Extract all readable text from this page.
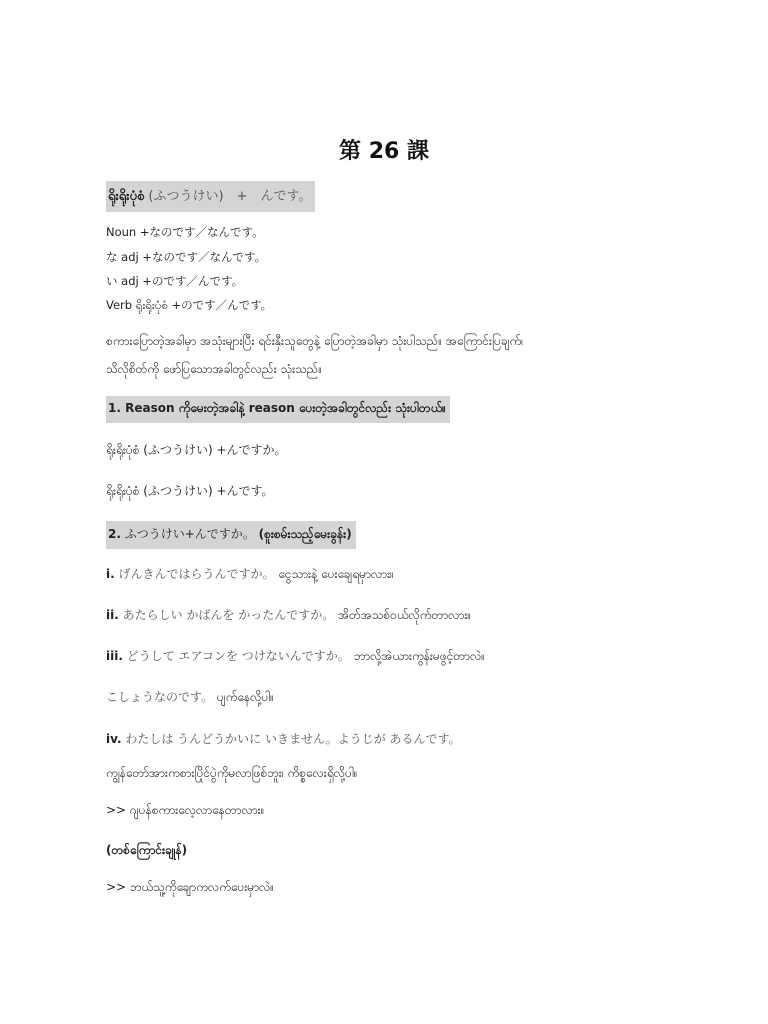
第 26 課
ရိုးရိုးပုံစံ (ふつうけい)　+　んです。
Noun +なのです／なんです。
な adj +なのです／なんです。
い adj +のです／んです。
Verb ရိုးရိုးပုံစံ +のです／んです。
စကားပြောတဲ့အခါမှာ အသုံးများပြီး ရင်းနှီးသူတွေနဲ့ ပြောတဲ့အခါမှာ သုံးပါသည်။ အကြောင်းပြချက်၊
သိလိုစိတ်ကို ဖော်ပြသောအခါတွင်လည်း သုံးသည်။
1. Reason ကိုမေးတဲ့အခါနဲ့ reason ပေးတဲ့အခါတွင်လည်း သုံးပါတယ်။
ရိုးရိုးပုံစံ (ふつうけい) +んですか。
ရိုးရိုးပုံစံ (ふつうけい) +んです。
2. ふつうけい+んですか。 (စူးစမ်းသည့်မေးခွန်း)
i. げんきんではらうんですか。 ငွေသားနဲ့ ပေးချေရမှာလား။
ii. あたらしい かばんを かったんですか。 အိတ်အသစ်ဝယ်လိုက်တာလား။
iii. どうして エアコンを つけないんですか。 ဘာလို့အဲယားကွန်းမဖွင့်တာလဲ။
こしょうなのです。 ပျက်နေလို့ပါ။
iv. わたしは うんどうかいに いきません。ようじが あるんです。
ကျွန်တော်အားကစားပြိုင်ပွဲကိုမလာဖြစ်ဘူး၊ ကိစ္စလေးရှိလို့ပါ။
>> ဂျပန်စကားလေ့လာနေတာလား။
(တစ်ကြောင်းချုန်)
>> ဘယ်သူ့ကိုချောကလက်ပေးမှာလဲ။
